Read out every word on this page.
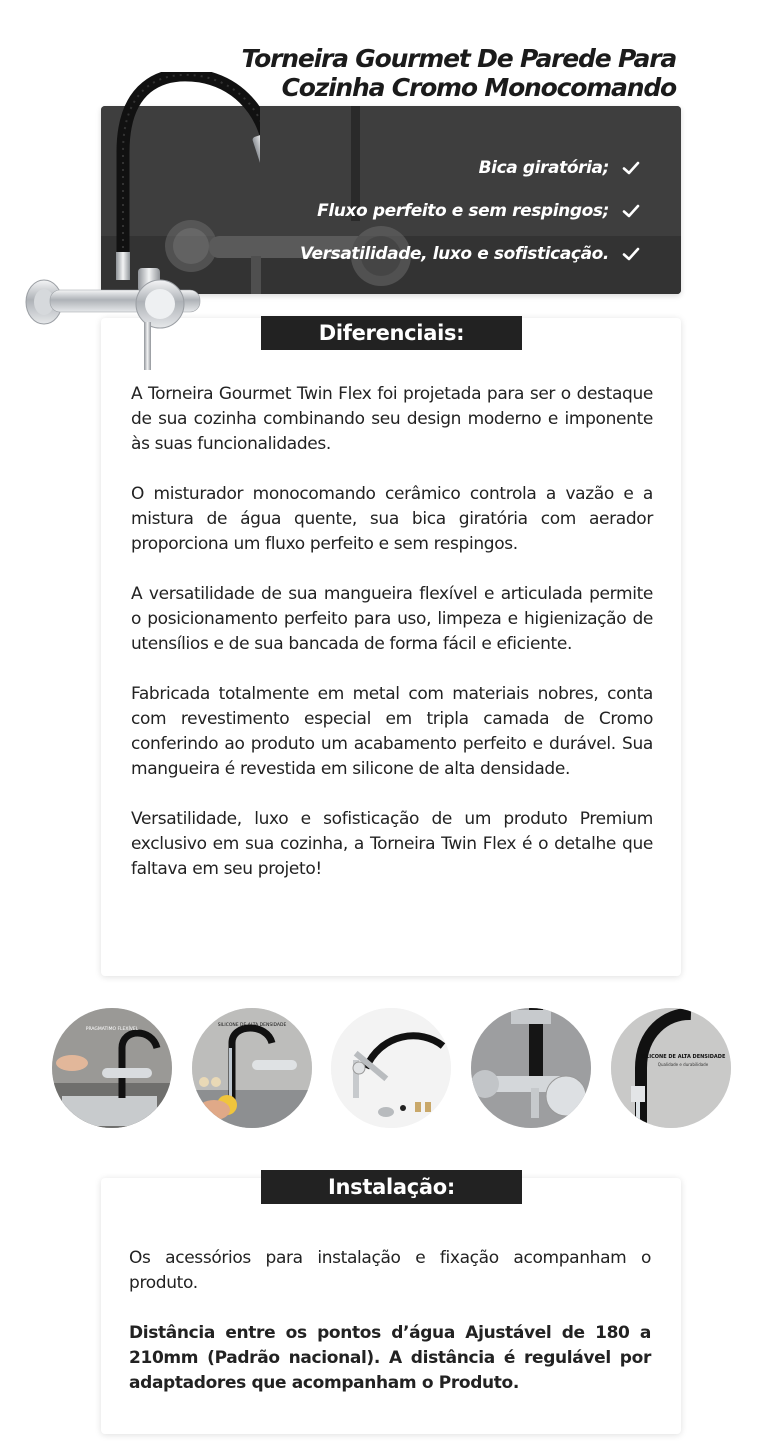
Torneira Gourmet De Parede Para
Cozinha Cromo Monocomando
Bica giratória;
Fluxo perfeito e sem respingos;
Versatilidade, luxo e sofisticação.
Diferenciais:

A Torneira Gourmet Twin Flex foi projetada para ser o destaque de sua cozinha combinando seu design moderno e imponente às suas funcionalidades.

O misturador monocomando cerâmico controla a vazão e a mistura de água quente, sua bica giratória com aerador proporciona um fluxo perfeito e sem respingos.

A versatilidade de sua mangueira flexível e articulada permite o posicionamento perfeito para uso, limpeza e higienização de utensílios e de sua bancada de forma fácil e eficiente.

Fabricada totalmente em metal com materiais nobres, conta com revestimento especial em tripla camada de Cromo conferindo ao produto um acabamento perfeito e durável. Sua mangueira é revestida em silicone de alta densidade.

Versatilidade, luxo e sofisticação de um produto Premium exclusivo em sua cozinha, a Torneira Twin Flex é o detalhe que faltava em seu projeto!

PRAGMATIMO FLEXÍVEL
SILICONE DE ALTA DENSIDADE
SILICONE DE ALTA DENSIDADE
Qualidade e durabilidade
Instalação:

Os acessórios para instalação e fixação acompanham o produto.

Distância entre os pontos d’água Ajustável de 180 a 210mm (Padrão nacional). A distância é regulável por adaptadores que acompanham o Produto.
